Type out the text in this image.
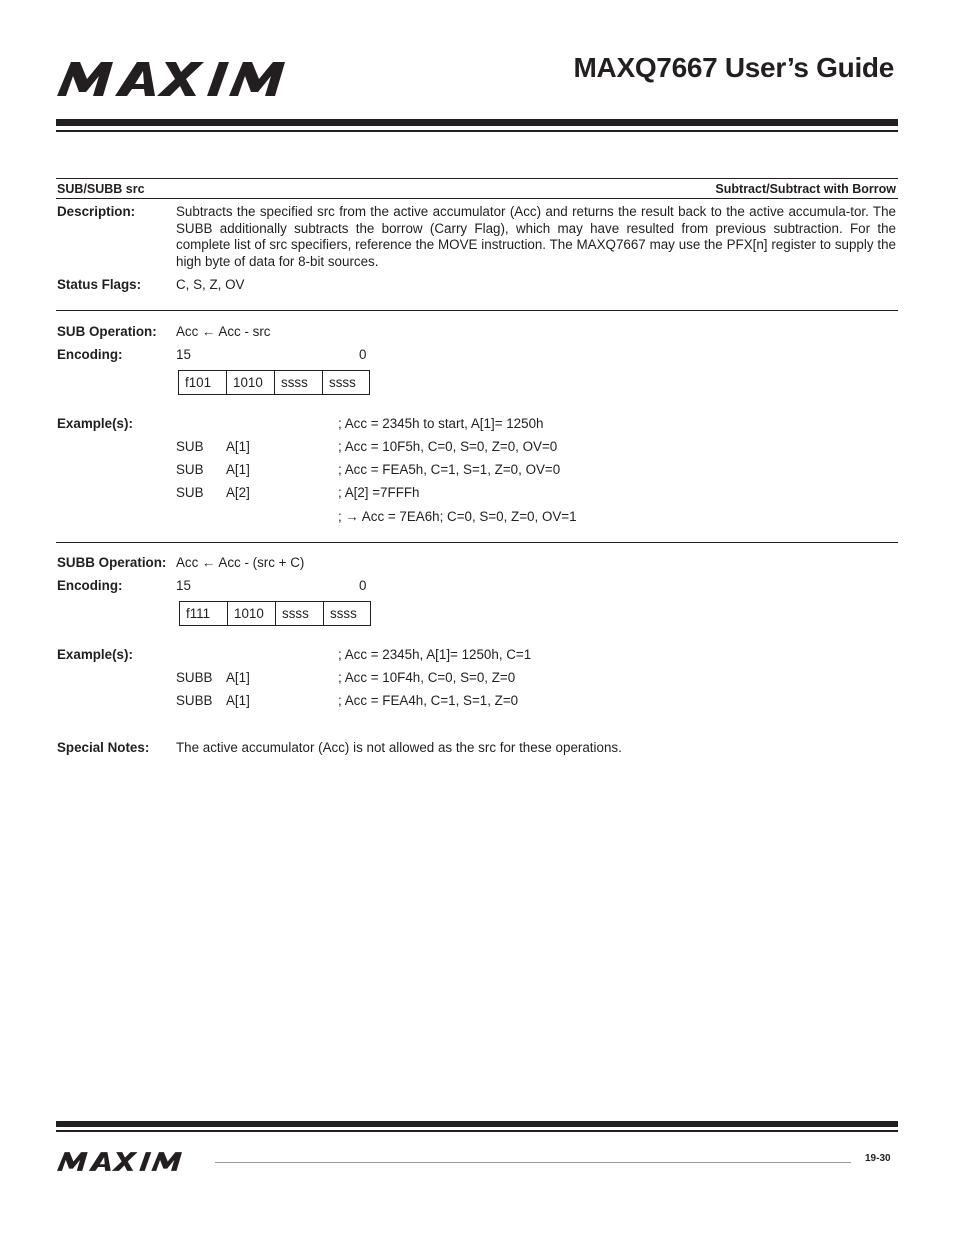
MAXQ7667 User’s Guide
SUB/SUBB src	Subtract/Subtract with Borrow
Description:	Subtracts the specified src from the active accumulator (Acc) and returns the result back to the active accumula-tor. The SUBB additionally subtracts the borrow (Carry Flag), which may have resulted from previous subtraction. For the complete list of src specifiers, reference the MOVE instruction. The MAXQ7667 may use the PFX[n] register to supply the high byte of data for 8-bit sources.
Status Flags:	C, S, Z, OV
SUB Operation: Acc ← Acc - src
Encoding:	15	0
f101	1010	ssss	ssss
Example(s):	; Acc = 2345h to start, A[1]= 1250h
SUB A[1]	; Acc = 10F5h, C=0, S=0, Z=0, OV=0
SUB A[1]	; Acc = FEA5h, C=1, S=1, Z=0, OV=0
SUB A[2]	; A[2] =7FFFh
; → Acc = 7EA6h; C=0, S=0, Z=0, OV=1
SUBB Operation: Acc ← Acc - (src + C)
Encoding:	15	0
f111	1010	ssss	ssss
Example(s):	; Acc = 2345h, A[1]= 1250h, C=1
SUBB A[1]	; Acc = 10F4h, C=0, S=0, Z=0
SUBB A[1]	; Acc = FEA4h, C=1, S=1, Z=0
Special Notes: The active accumulator (Acc) is not allowed as the src for these operations.
19-30
